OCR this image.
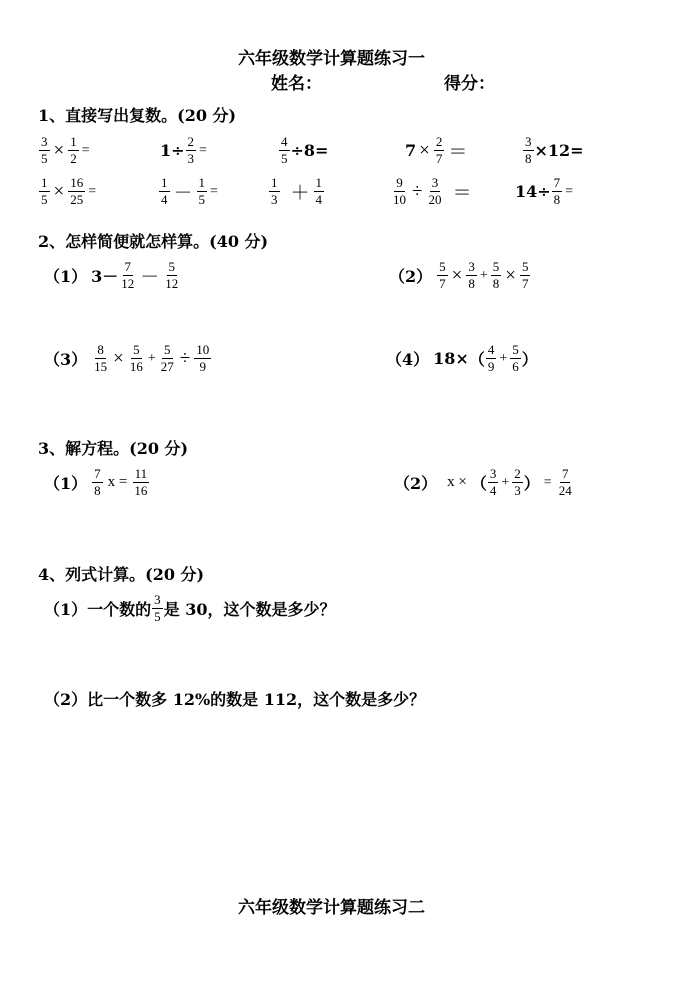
六年级数学计算题练习一
姓名：	得分：
1、直接写出复数。(20 分)
$\frac{3}{5} \times \frac{1}{2}$ =	$1\div \frac{2}{3}$ =	$\frac{4}{5} \div 8=$	$7 \times \frac{2}{7}$ ＝	$\frac{3}{8} \times 12=$
$\frac{1}{5} \times \frac{16}{25}$ =	$\frac{1}{4} - \frac{1}{5}$ =	$\frac{1}{3} + \frac{1}{4}$	$\frac{9}{10} \div \frac{3}{20}$ ＝	$14\div \frac{7}{8}$ =
2、怎样简便就怎样算。(40 分)
（1） $3- \frac{7}{12} - \frac{5}{12}$	$(2) \frac{5}{7} \times \frac{3}{8} + \frac{5}{8} \times \frac{5}{7}$
$(3) \frac{8}{15} \times \frac{5}{16} + \frac{5}{27} \div \frac{10}{9}$	（4） 18× （ $\frac{4}{9} + \frac{5}{6}$ ）
3、解方程。(20 分)
$(1) \frac{7}{8}$ $x = \frac{11}{16}$	（2） x × （ $\frac{3}{4} + \frac{2}{3}$ ） = $\frac{7}{24}$
4、列式计算。(20 分)
（1）一个数的 $\frac{3}{5}$ 是 30，这个数是多少？
（2）比一个数多 12%的数是 112，这个数是多少？
六年级数学计算题练习二
